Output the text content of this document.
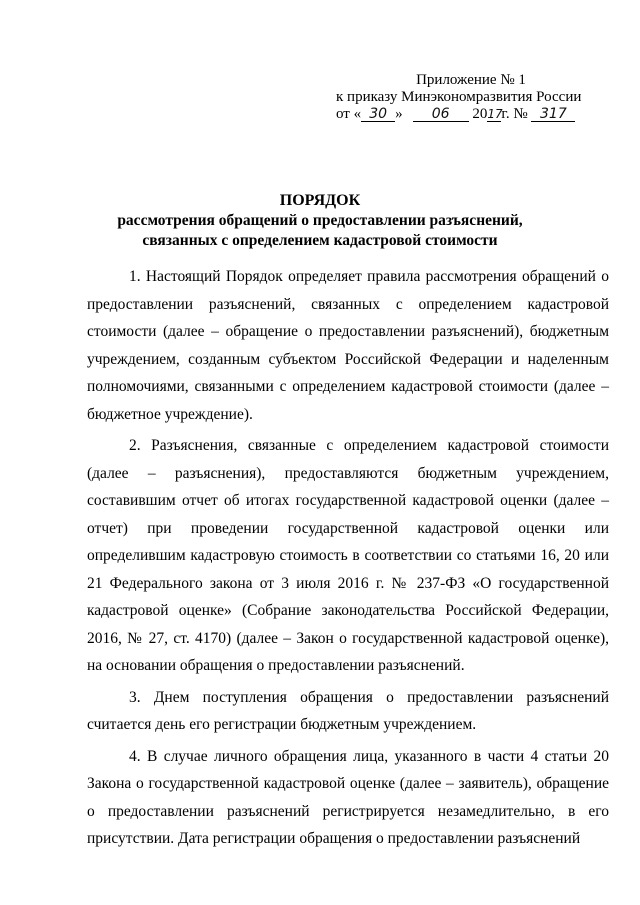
Приложение № 1
к приказу Минэкономразвития России
от « 30 » 06 2017г. № 317
ПОРЯДОК
рассмотрения обращений о предоставлении разъяснений,
связанных с определением кадастровой стоимости

1. Настоящий Порядок определяет правила рассмотрения обращений о предоставлении разъяснений, связанных с определением кадастровой стоимости (далее – обращение о предоставлении разъяснений), бюджетным учреждением, созданным субъектом Российской Федерации и наделенным полномочиями, связанными с определением кадастровой стоимости (далее – бюджетное учреждение).

2. Разъяснения, связанные с определением кадастровой стоимости (далее – разъяснения), предоставляются бюджетным учреждением, составившим отчет об итогах государственной кадастровой оценки (далее – отчет) при проведении государственной кадастровой оценки или определившим кадастровую стоимость в соответствии со статьями 16, 20 или 21 Федерального закона от 3 июля 2016 г. № 237-ФЗ «О государственной кадастровой оценке» (Собрание законодательства Российской Федерации, 2016, № 27, ст. 4170) (далее – Закон о государственной кадастровой оценке), на основании обращения о предоставлении разъяснений.

3. Днем поступления обращения о предоставлении разъяснений считается день его регистрации бюджетным учреждением.

4. В случае личного обращения лица, указанного в части 4 статьи 20 Закона о государственной кадастровой оценке (далее – заявитель), обращение о предоставлении разъяснений регистрируется незамедлительно, в его присутствии. Дата регистрации обращения о предоставлении разъяснений
